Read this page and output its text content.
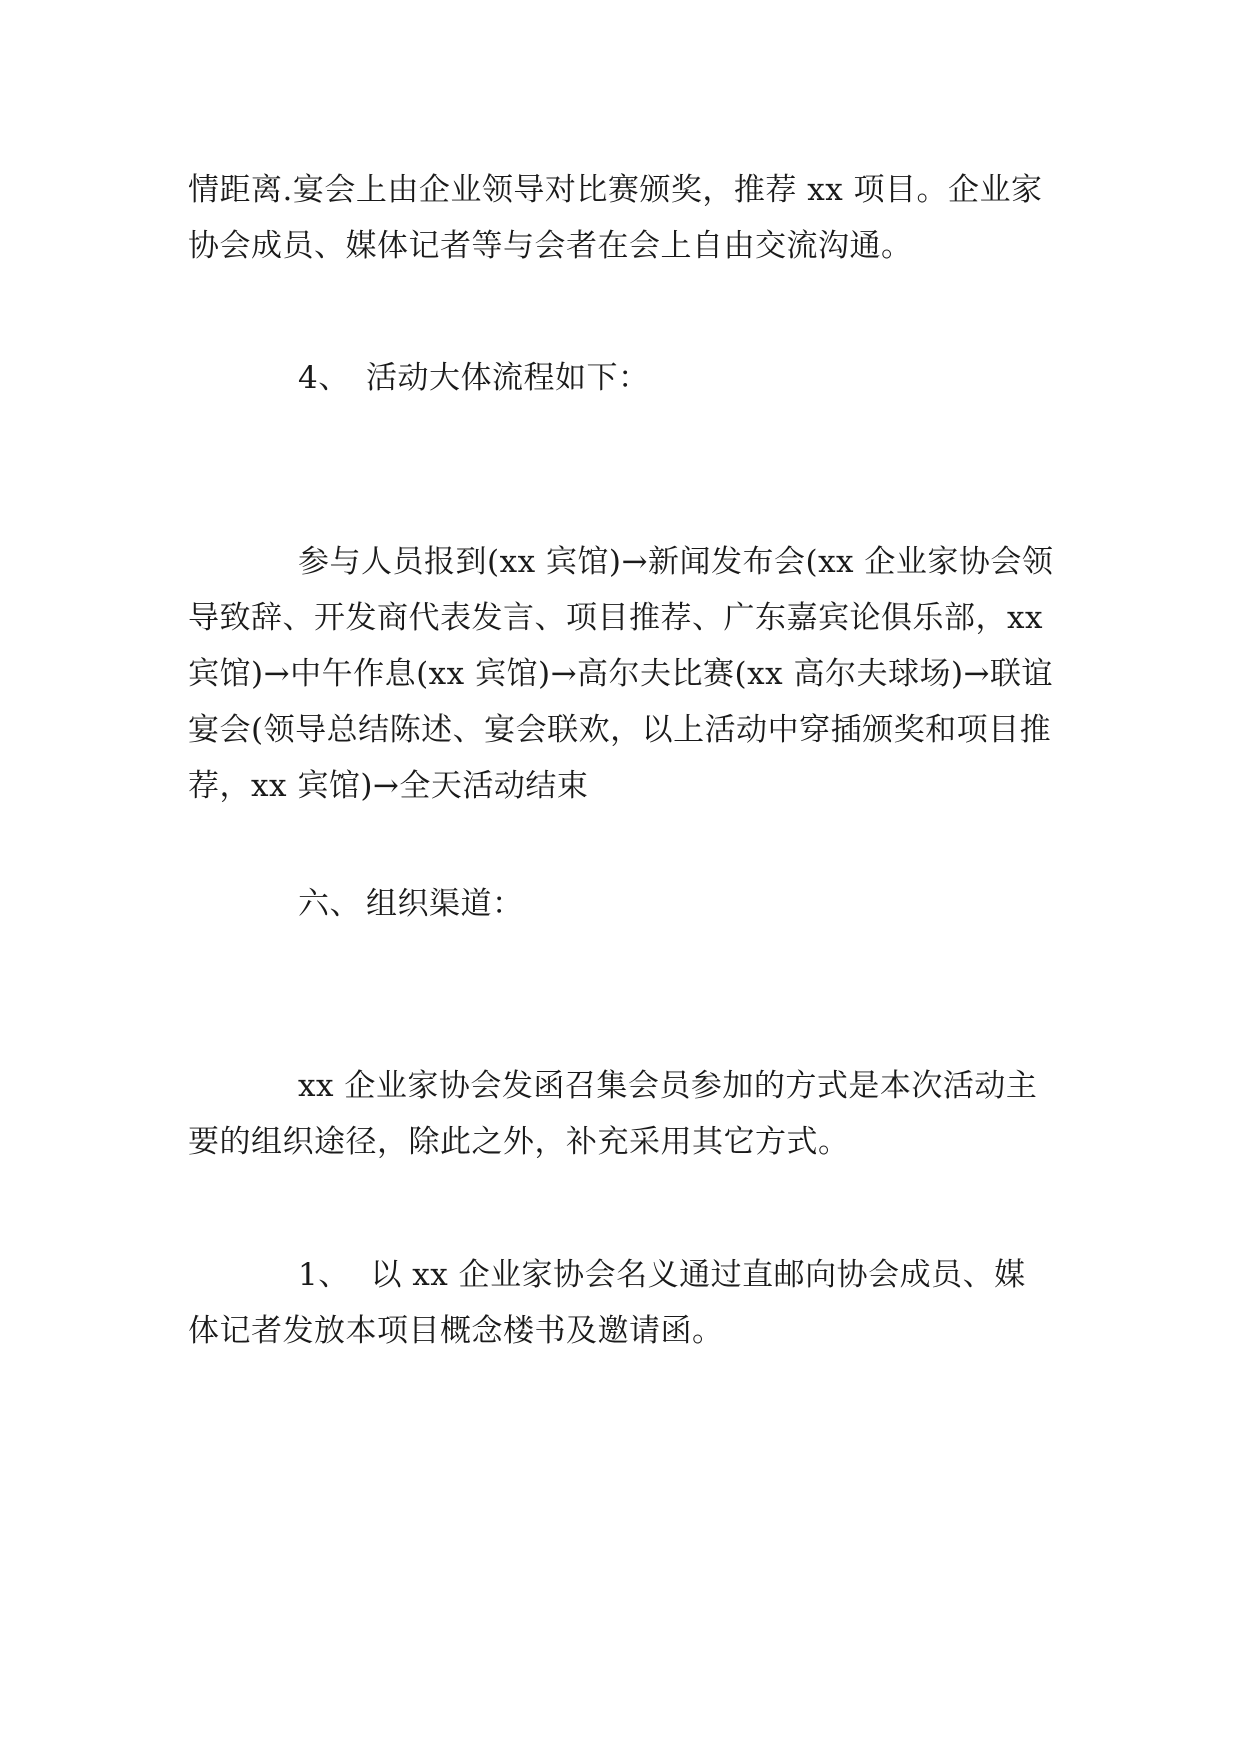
情距离.宴会上由企业领导对比赛颁奖，推荐 xx 项目。企业家协会成员、媒体记者等与会者在会上自由交流沟通。

4、 活动大体流程如下：

参与人员报到(xx 宾馆)→新闻发布会(xx 企业家协会领导致辞、开发商代表发言、项目推荐、广东嘉宾论俱乐部，xx 宾馆)→中午作息(xx 宾馆)→高尔夫比赛(xx 高尔夫球场)→联谊宴会(领导总结陈述、宴会联欢，以上活动中穿插颁奖和项目推荐，xx 宾馆)→全天活动结束

六、 组织渠道：

xx 企业家协会发函召集会员参加的方式是本次活动主要的组织途径，除此之外，补充采用其它方式。

1、 以 xx 企业家协会名义通过直邮向协会成员、媒体记者发放本项目概念楼书及邀请函。
